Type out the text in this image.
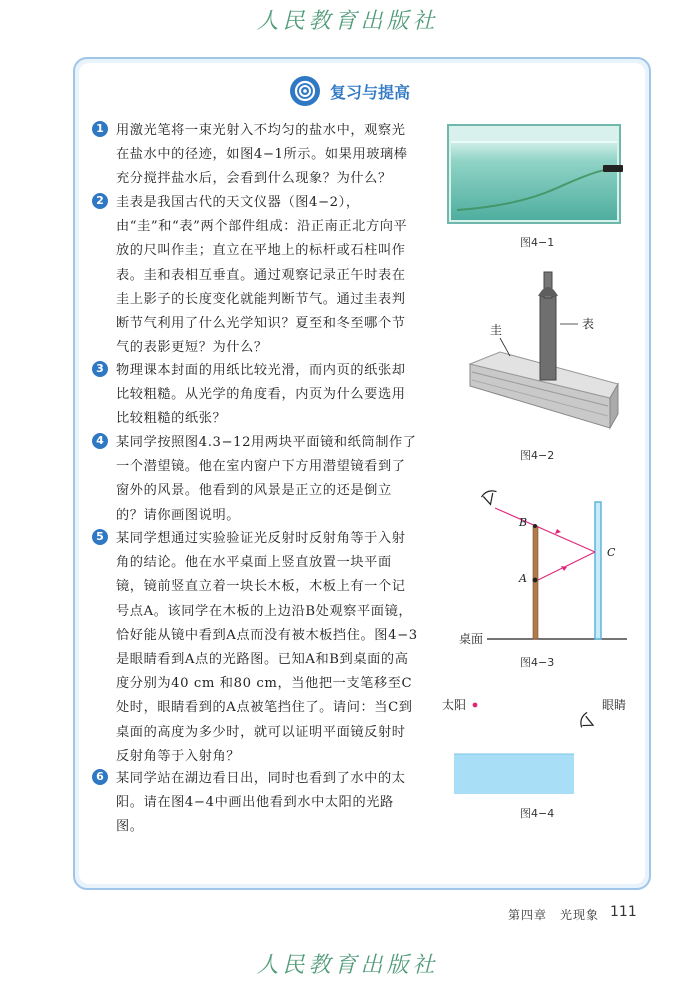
人民教育出版社
复习与提高
1 用激光笔将一束光射入不均匀的盐水中，观察光在盐水中的径迹，如图4−1所示。如果用玻璃棒充分搅拌盐水后，会看到什么现象？为什么？
2 圭表是我国古代的天文仪器（图4−2），由“圭”和“表”两个部件组成：沿正南正北方向平放的尺叫作圭；直立在平地上的标杆或石柱叫作表。圭和表相互垂直。通过观察记录正午时表在圭上影子的长度变化就能判断节气。通过圭表判断节气利用了什么光学知识？夏至和冬至哪个节气的表影更短？为什么？
3 物理课本封面的用纸比较光滑，而内页的纸张却比较粗糙。从光学的角度看，内页为什么要选用比较粗糙的纸张？
4 某同学按照图4.3−12用两块平面镜和纸筒制作了一个潜望镜。他在室内窗户下方用潜望镜看到了窗外的风景。他看到的风景是正立的还是倒立的？请你画图说明。
5 某同学想通过实验验证光反射时反射角等于入射角的结论。他在水平桌面上竖直放置一块平面镜，镜前竖直立着一块长木板，木板上有一个记号点A。该同学在木板的上边沿B处观察平面镜，恰好能从镜中看到A点而没有被木板挡住。图4−3是眼睛看到A点的光路图。已知A和B到桌面的高度分别为40 cm 和80 cm，当他把一支笔移至C处时，眼睛看到的A点被笔挡住了。请问：当C到桌面的高度为多少时，就可以证明平面镜反射时反射角等于入射角？
6 某同学站在湖边看日出，同时也看到了水中的太阳。请在图4−4中画出他看到水中太阳的光路图。
图4−1
圭	表
图4−2
B
A
C
桌面
图4−3
太阳	眼睛
图4−4
第四章　光现象 111
人民教育出版社
